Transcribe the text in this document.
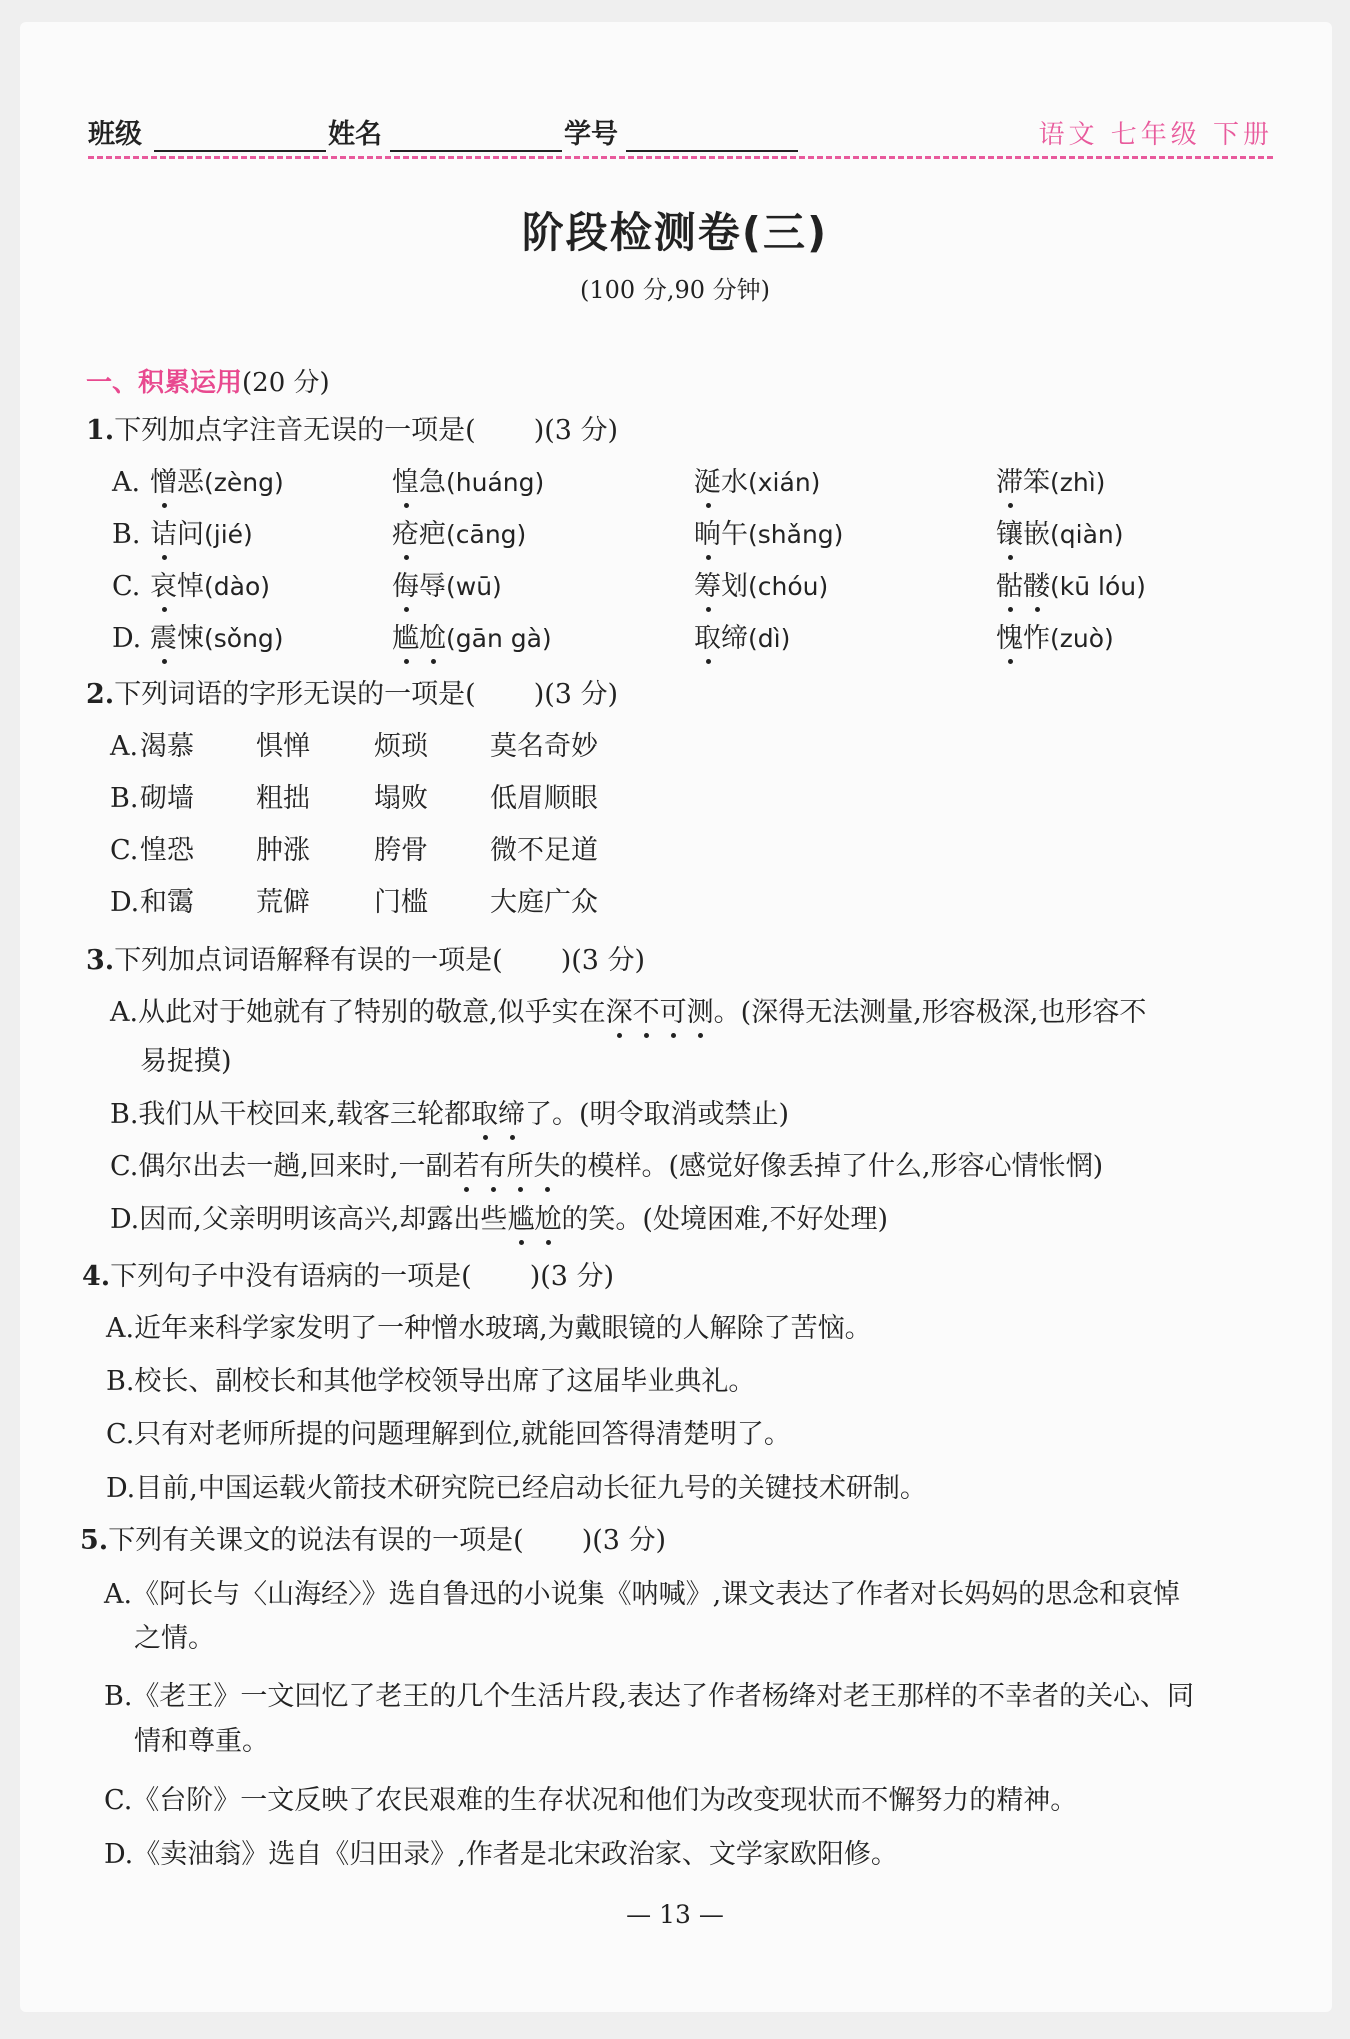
班级	姓名	学号	语文 七年级 下册
阶段检测卷(三)
(100 分,90 分钟)
一、积累运用(20 分)
1.下列加点字注音无误的一项是( )(3 分)
A. 憎恶(zèng)	惶急(huáng)	涎水(xián)	滞笨(zhì)
B. 诘问(jié)	疮疤(cāng)	晌午(shǎng)	镶嵌(qiàn)
C. 哀悼(dào)	侮辱(wū)	筹划(chóu)	骷髅(kū lóu)
D. 震悚(sǒng)	尴尬(gān gà)	取缔(dì)	愧怍(zuò)
2.下列词语的字形无误的一项是( )(3 分)
A. 渴慕 惧惮 烦琐 莫名奇妙
B. 砌墙 粗拙 塌败 低眉顺眼
C. 惶恐 肿涨 胯骨 微不足道
D. 和霭 荒僻 门槛 大庭广众
3.下列加点词语解释有误的一项是( )(3 分)
A.从此对于她就有了特别的敬意,似乎实在深不可测。(深得无法测量,形容极深,也形容不
易捉摸)
B.我们从干校回来,载客三轮都取缔了。(明令取消或禁止)
C.偶尔出去一趟,回来时,一副若有所失的模样。(感觉好像丢掉了什么,形容心情怅惘)
D.因而,父亲明明该高兴,却露出些尴尬的笑。(处境困难,不好处理)
4.下列句子中没有语病的一项是( )(3 分)
A.近年来科学家发明了一种憎水玻璃,为戴眼镜的人解除了苦恼。
B.校长、副校长和其他学校领导出席了这届毕业典礼。
C.只有对老师所提的问题理解到位,就能回答得清楚明了。
D.目前,中国运载火箭技术研究院已经启动长征九号的关键技术研制。
5.下列有关课文的说法有误的一项是( )(3 分)
A.《阿长与〈山海经〉》选自鲁迅的小说集《呐喊》,课文表达了作者对长妈妈的思念和哀悼
之情。
B.《老王》一文回忆了老王的几个生活片段,表达了作者杨绛对老王那样的不幸者的关心、同
情和尊重。
C.《台阶》一文反映了农民艰难的生存状况和他们为改变现状而不懈努力的精神。
D.《卖油翁》选自《归田录》,作者是北宋政治家、文学家欧阳修。
— 13 —
